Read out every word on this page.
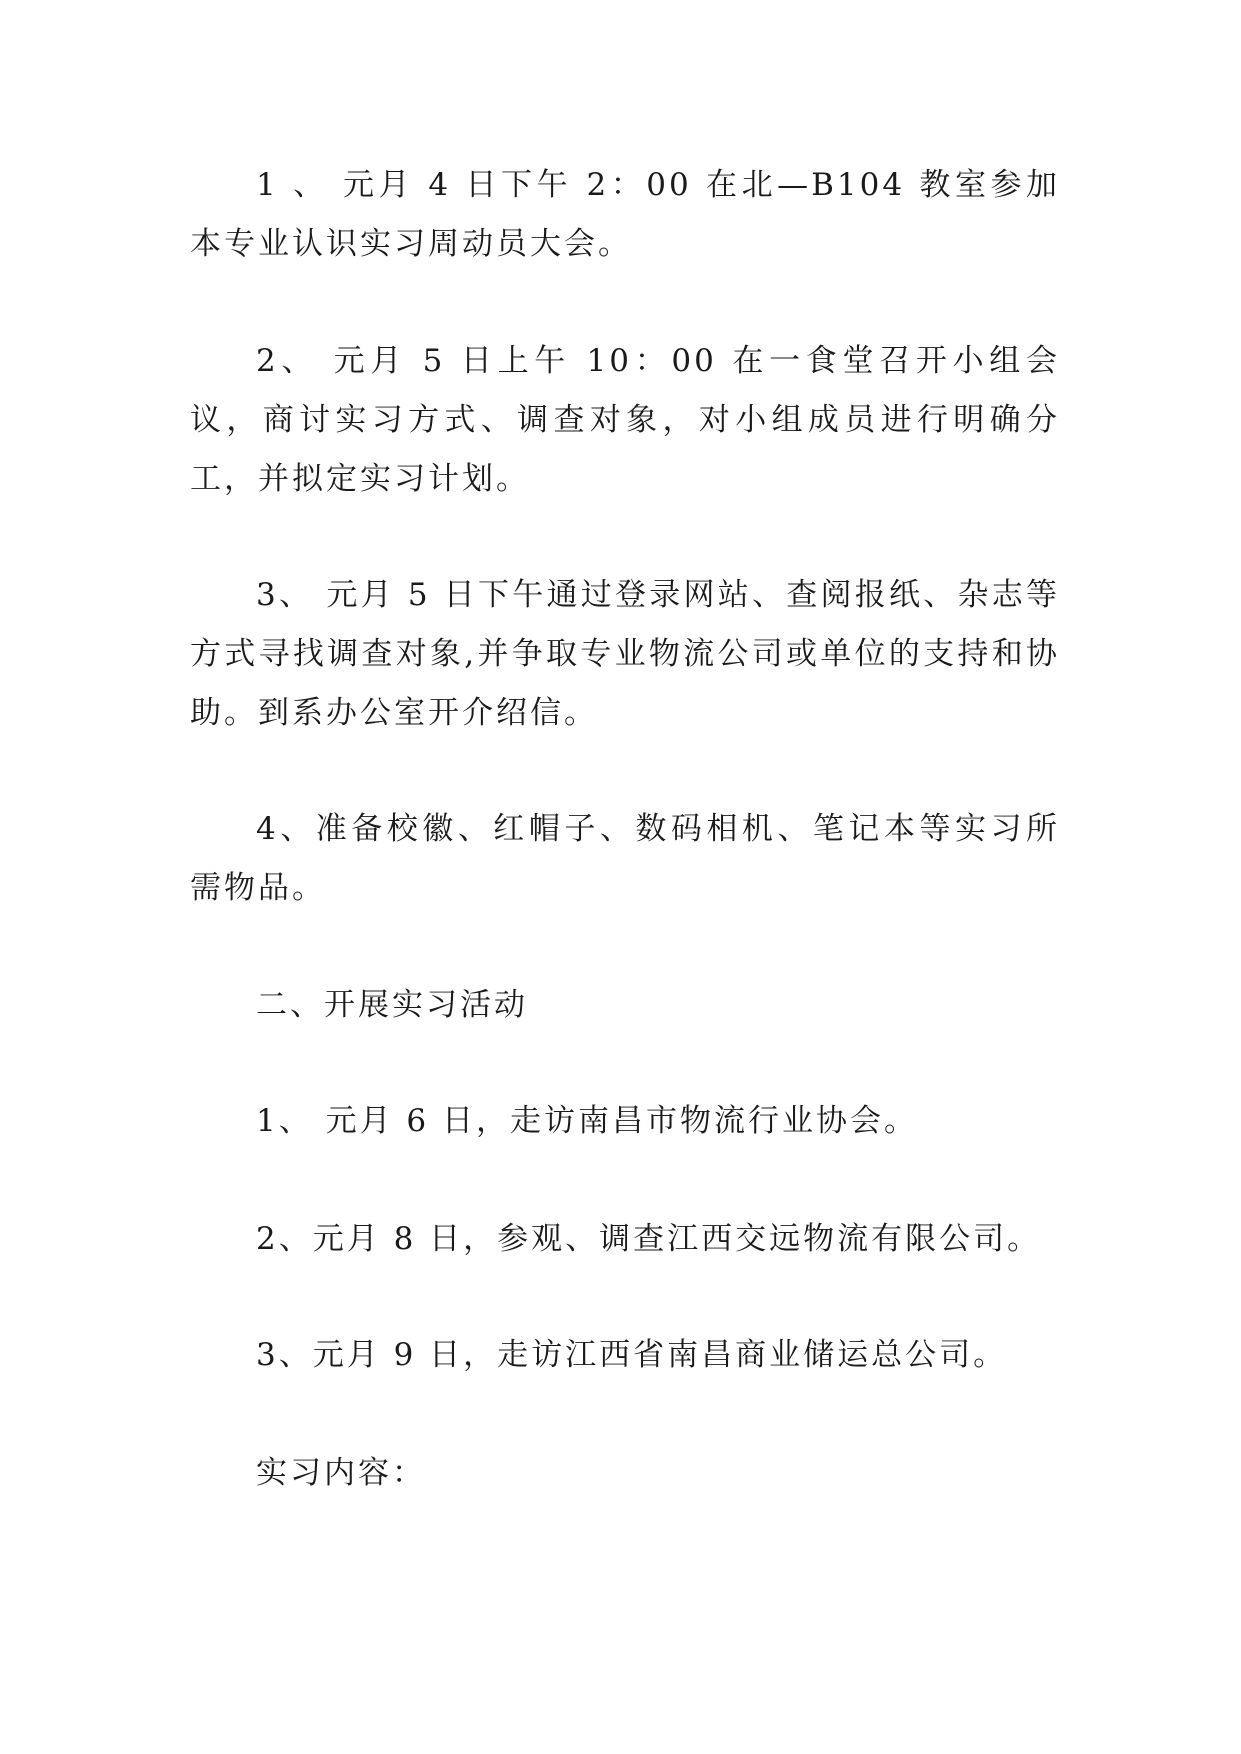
1 、 元月 4 日下午 2：00 在北—B104 教室参加本专业认识实习周动员大会。

2、 元月 5 日上午 10：00 在一食堂召开小组会议，商讨实习方式、调查对象，对小组成员进行明确分工，并拟定实习计划。

3、 元月 5 日下午通过登录网站、查阅报纸、杂志等方式寻找调查对象,并争取专业物流公司或单位的支持和协助。到系办公室开介绍信。

4、准备校徽、红帽子、数码相机、笔记本等实习所需物品。

二、开展实习活动

1、 元月 6 日，走访南昌市物流行业协会。

2、元月 8 日，参观、调查江西交远物流有限公司。

3、元月 9 日，走访江西省南昌商业储运总公司。

实习内容：
